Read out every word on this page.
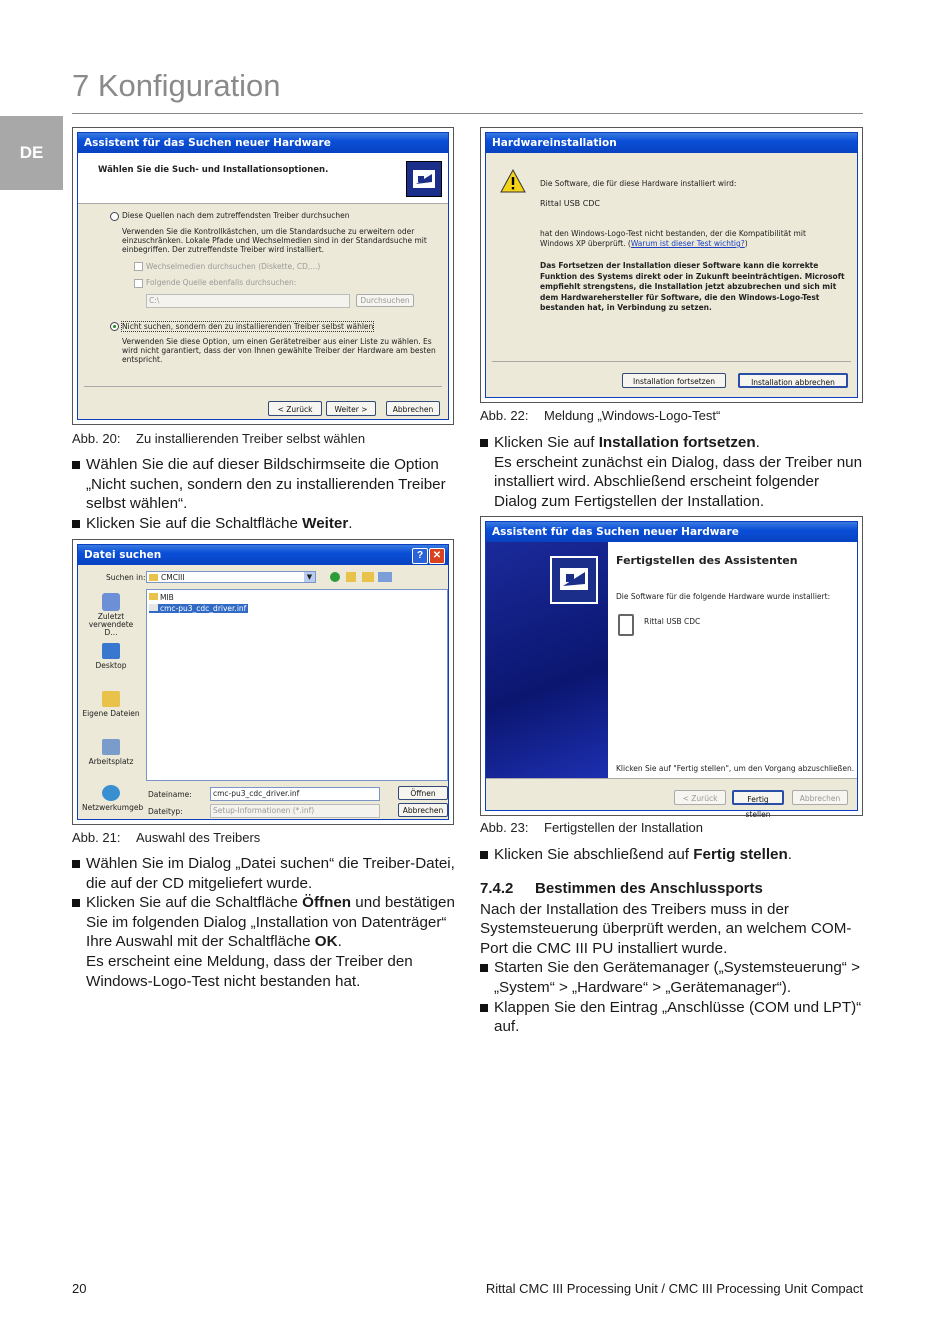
7 Konfiguration
DE	Assistent für das Suchen neuer Hardware
Wählen Sie die Such- und Installationsoptionen.
Diese Quellen nach dem zutreffendsten Treiber durchsuchen
Verwenden Sie die Kontrollkästchen, um die Standardsuche zu erweitern oder einzuschränken. Lokale Pfade und Wechselmedien sind in der Standardsuche mit einbegriffen. Der zutreffendste Treiber wird installiert.
Wechselmedien durchsuchen (Diskette, CD,...)
Folgende Quelle ebenfalls durchsuchen:
C:\	Durchsuchen
Nicht suchen, sondern den zu installierenden Treiber selbst wählen
Verwenden Sie diese Option, um einen Gerätetreiber aus einer Liste zu wählen. Es wird nicht garantiert, dass der von Ihnen gewählte Treiber der Hardware am besten entspricht.
< Zurück	Weiter >	Abbrechen
Abb. 20: Zu installierenden Treiber selbst wählen

Wählen Sie die auf dieser Bildschirmseite die Option „Nicht suchen, sondern den zu installierenden Treiber selbst wählen“.

Klicken Sie auf die Schaltfläche Weiter.

Datei suchen	? ✕
Suchen in:	CMCIII	▼
Zuletzt verwendete D...
Desktop
Eigene Dateien
Arbeitsplatz
Netzwerkumgeb
MIB
cmc-pu3_cdc_driver.inf
Dateiname:	cmc-pu3_cdc_driver.inf
Dateityp:	Setup-Informationen (*.inf)
Öffnen
Abbrechen
Abb. 21: Auswahl des Treibers

Wählen Sie im Dialog „Datei suchen“ die Treiber-Datei, die auf der CD mitgeliefert wurde.

Klicken Sie auf die Schaltfläche Öffnen und bestätigen Sie im folgenden Dialog „Installation von Datenträger“ Ihre Auswahl mit der Schaltfläche OK.

Es erscheint eine Meldung, dass der Treiber den Windows-Logo-Test nicht bestanden hat.
Hardwareinstallation
Die Software, die für diese Hardware installiert wird:
Rittal USB CDC
hat den Windows-Logo-Test nicht bestanden, der die Kompatibilität mit Windows XP überprüft. (Warum ist dieser Test wichtig?)
Das Fortsetzen der Installation dieser Software kann die korrekte Funktion des Systems direkt oder in Zukunft beeinträchtigen. Microsoft empfiehlt strengstens, die Installation jetzt abzubrechen und sich mit dem Hardwarehersteller für Software, die den Windows-Logo-Test bestanden hat, in Verbindung zu setzen.
Installation fortsetzen	Installation abbrechen
Abb. 22: Meldung „Windows-Logo-Test“

Klicken Sie auf Installation fortsetzen.

Es erscheint zunächst ein Dialog, dass der Treiber nun installiert wird. Abschließend erscheint folgender Dialog zum Fertigstellen der Installation.
Assistent für das Suchen neuer Hardware
Fertigstellen des Assistenten
Die Software für die folgende Hardware wurde installiert:
Rittal USB CDC
Klicken Sie auf "Fertig stellen", um den Vorgang abzuschließen.
< Zurück	Fertig stellen
Abbrechen
Abb. 23: Fertigstellen der Installation

Klicken Sie abschließend auf Fertig stellen.

7.4.2 Bestimmen des Anschlussports
Nach der Installation des Treibers muss in der Systemsteuerung überprüft werden, an welchem COM-Port die CMC III PU installiert wurde.

Starten Sie den Gerätemanager („Systemsteuerung“ > „System“ > „Hardware“ > „Gerätemanager“).

Klappen Sie den Eintrag „Anschlüsse (COM und LPT)“ auf.

20	Rittal CMC III Processing Unit / CMC III Processing Unit Compact
